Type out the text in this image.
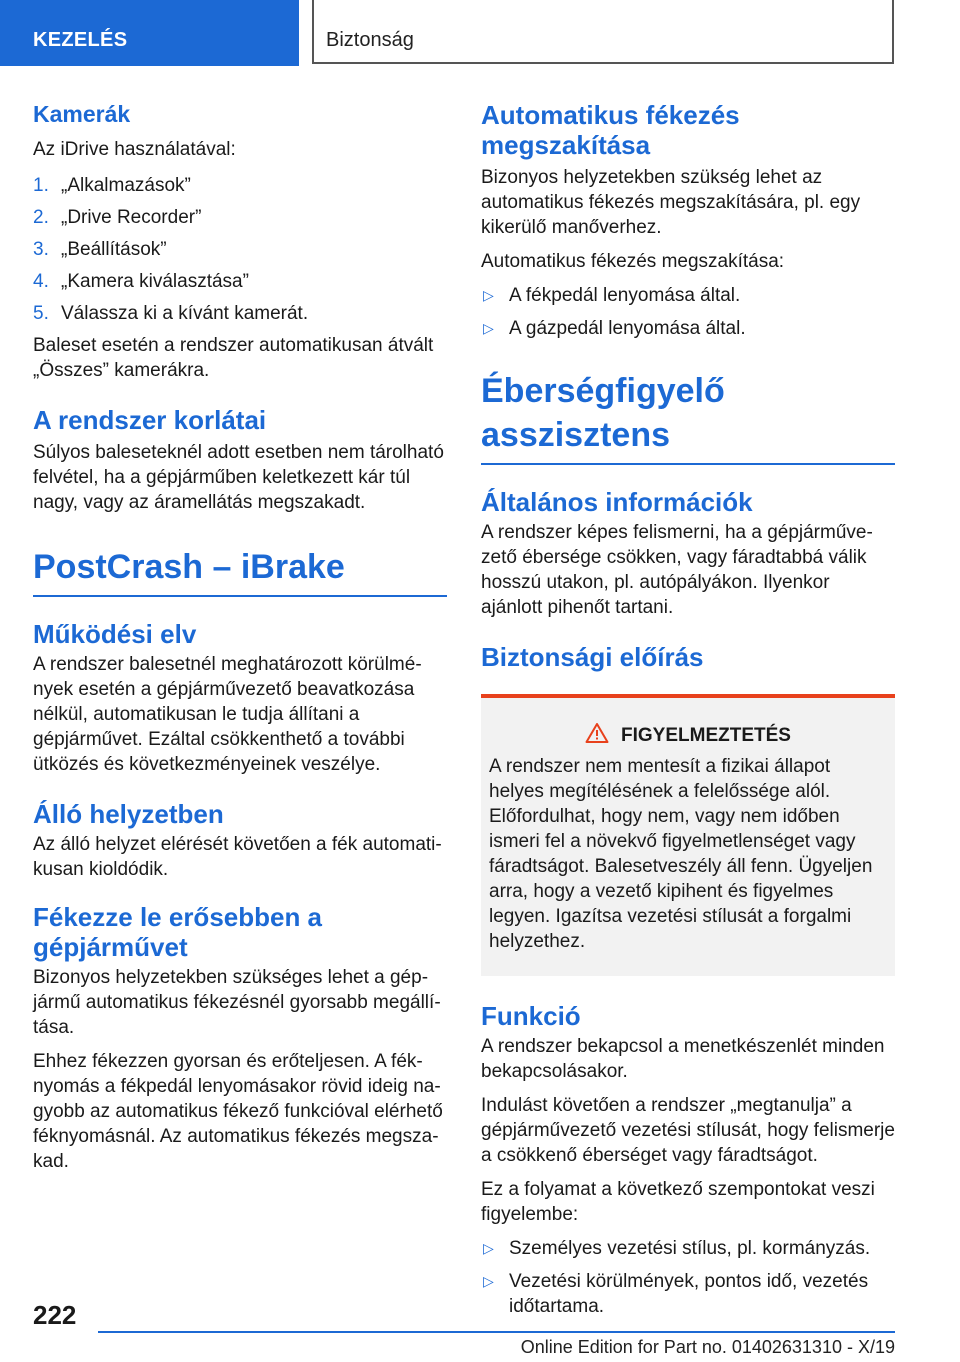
KEZELÉS	Biztonság
Kamerák

Az iDrive használatával:

1. „Alkalmazások”
2. „Drive Recorder”
3. „Beállítások”
4. „Kamera kiválasztása”
5. Válassza ki a kívánt kamerát.

Baleset esetén a rendszer automatikusan átvált „Összes” kamerákra.

A rendszer korlátai

Súlyos baleseteknél adott esetben nem tárolható felvétel, ha a gépjárműben keletkezett kár túl nagy, vagy az áramellátás megszakadt.

PostCrash – iBrake
Működési elv

A rendszer balesetnél meghatározott körülmények esetén a gépjárművezető beavatkozása nélkül, automatikusan le tudja állítani a gépjárművet. Ezáltal csökkenthető a további ütközés és következményeinek veszélye.

Álló helyzetben

Az álló helyzet elérését követően a fék automatikusan kioldódik.

Fékezze le erősebben a gépjárművet

Bizonyos helyzetekben szükséges lehet a gépjármű automatikus fékezésnél gyorsabb megállítása.

Ehhez fékezzen gyorsan és erőteljesen. A féknyomás a fékpedál lenyomásakor rövid ideig nagyobb az automatikus fékező funkcióval elérhető féknyomásnál. Az automatikus fékezés megszakad.

Automatikus fékezés megszakítása

Bizonyos helyzetekben szükség lehet az automatikus fékezés megszakítására, pl. egy kikerülő manőverhez.

Automatikus fékezés megszakítása:

▷ A fékpedál lenyomása által.
▷ A gázpedál lenyomása által.
Éberségfigyelő asszisztens
Általános információk

A rendszer képes felismerni, ha a gépjárművezető ébersége csökken, vagy fáradtabbá válik hosszú utakon, pl. autópályákon. Ilyenkor ajánlott pihenőt tartani.

Biztonsági előírás
FIGYELMEZTETÉS

A rendszer nem mentesít a fizikai állapot helyes megítélésének a felelőssége alól. Előfordulhat, hogy nem, vagy nem időben ismeri fel a növekvő figyelmetlenséget vagy fáradtságot. Balesetveszély áll fenn. Ügyeljen arra, hogy a vezető kipihent és figyelmes legyen. Igazítsa vezetési stílusát a forgalmi helyzethez.

Funkció

A rendszer bekapcsol a menetkészenlét minden bekapcsolásakor.

Indulást követően a rendszer „megtanulja” a gépjárművezető vezetési stílusát, hogy felismerje a csökkenő éberséget vagy fáradtságot.

Ez a folyamat a következő szempontokat veszi figyelembe:

▷ Személyes vezetési stílus, pl. kormányzás.
▷ Vezetési körülmények, pontos idő, vezetés időtartama.
222
Online Edition for Part no. 01402631310 - X/19
